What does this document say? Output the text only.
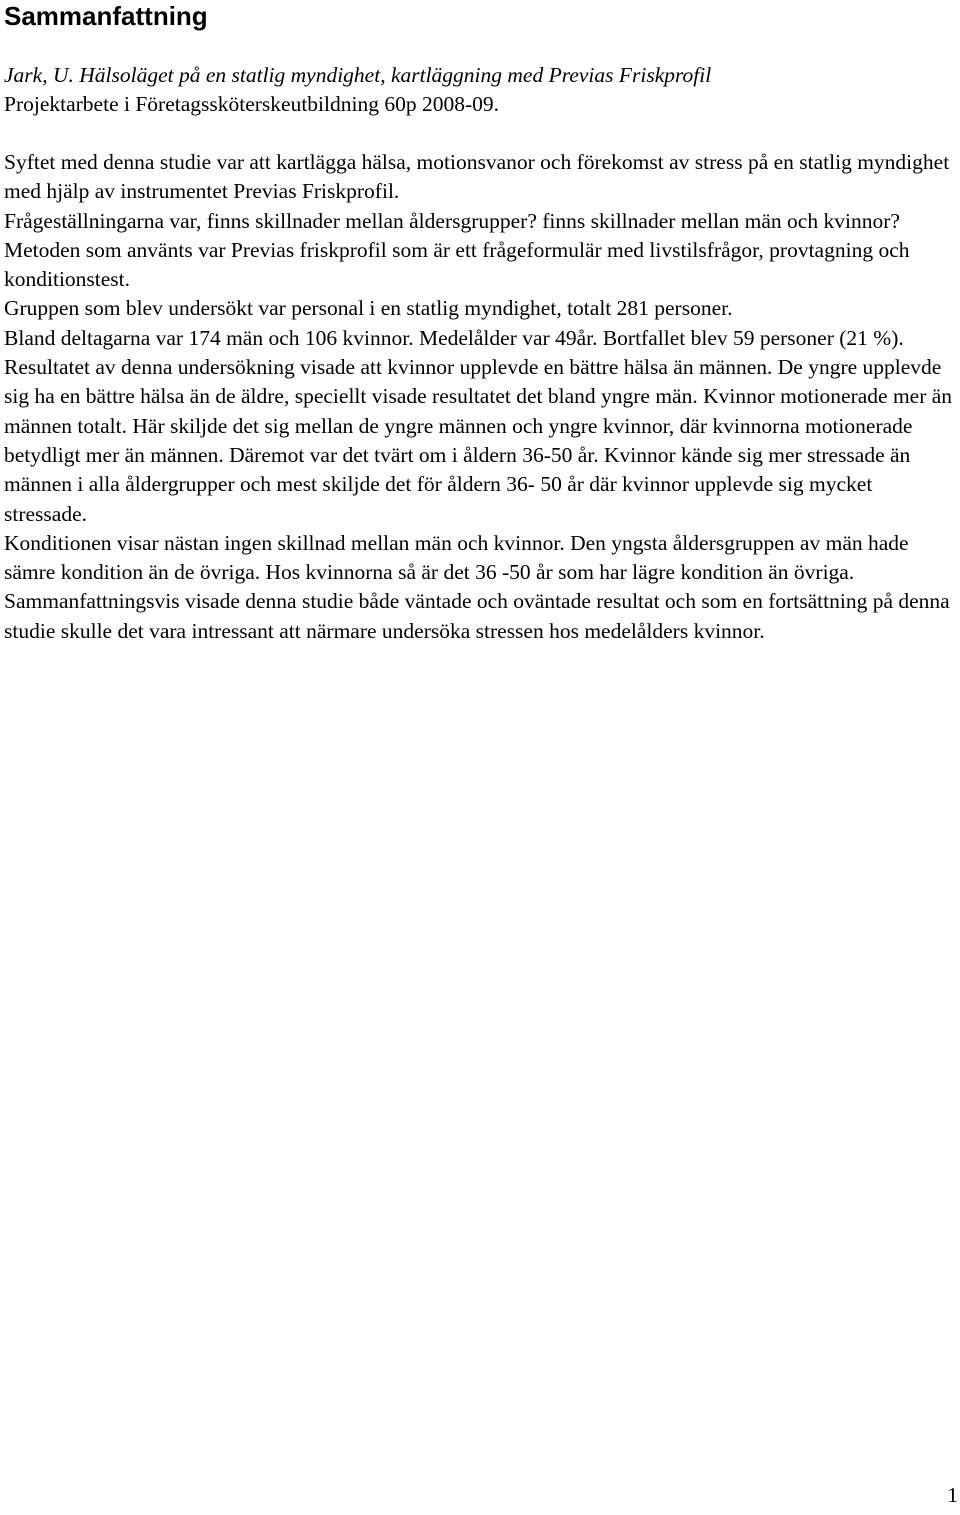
Sammanfattning
Jark, U. Hälsoläget på en statlig myndighet, kartläggning med Previas Friskprofil
Projektarbete i Företagssköterskeutbildning 60p 2008-09.

Syftet med denna studie var att kartlägga hälsa, motionsvanor och förekomst av stress på en statlig myndighet med hjälp av instrumentet Previas Friskprofil.

Frågeställningarna var, finns skillnader mellan åldersgrupper? finns skillnader mellan män och kvinnor?

Metoden som använts var Previas friskprofil som är ett frågeformulär med livstilsfrågor, provtagning och konditionstest.

Gruppen som blev undersökt var personal i en statlig myndighet, totalt 281 personer.

Bland deltagarna var 174 män och 106 kvinnor. Medelålder var 49år. Bortfallet blev 59 personer (21 %).

Resultatet av denna undersökning visade att kvinnor upplevde en bättre hälsa än männen. De yngre upplevde sig ha en bättre hälsa än de äldre, speciellt visade resultatet det bland yngre män. Kvinnor motionerade mer än männen totalt. Här skiljde det sig mellan de yngre männen och yngre kvinnor, där kvinnorna motionerade betydligt mer än männen. Däremot var det tvärt om i åldern 36-50 år. Kvinnor kände sig mer stressade än männen i alla åldergrupper och mest skiljde det för åldern 36- 50 år där kvinnor upplevde sig mycket stressade.

Konditionen visar nästan ingen skillnad mellan män och kvinnor. Den yngsta åldersgruppen av män hade sämre kondition än de övriga. Hos kvinnorna så är det 36 -50 år som har lägre kondition än övriga.

Sammanfattningsvis visade denna studie både väntade och oväntade resultat och som en fortsättning på denna studie skulle det vara intressant att närmare undersöka stressen hos medelålders kvinnor.

1
